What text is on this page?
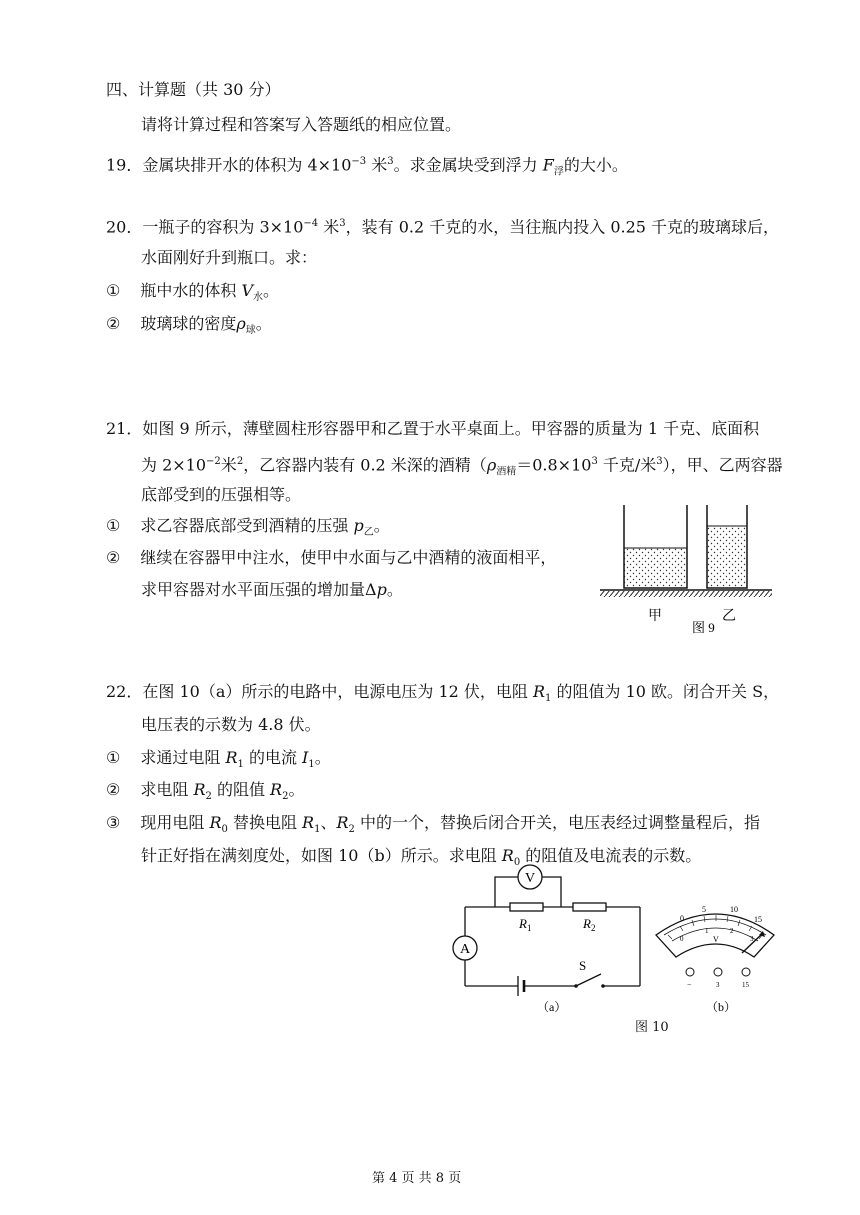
四、计算题（共 30 分）
请将计算过程和答案写入答题纸的相应位置。
19．金属块排开水的体积为 $4\times 10^{-3}$ 米$^3$。求金属块受到浮力 $F_浮$的大小。
20．一瓶子的容积为 $3\times 10^{-4}$ 米$^3$，装有 0.2 千克的水，当往瓶内投入 0.25 千克的玻璃球后，
水面刚好升到瓶口。求：
① 瓶中水的体积 $V_水$。
② 玻璃球的密度$\rho_球$。
21．如图 9 所示，薄壁圆柱形容器甲和乙置于水平桌面上。甲容器的质量为 1 千克、底面积
为 $2\times 10^{-2}$米$^2$，乙容器内装有 0.2 米深的酒精（$\rho_{酒精}=0.8\times 10^3$ 千克/米$^3$），甲、乙两容器
底部受到的压强相等。
① 求乙容器底部受到酒精的压强 $p_乙$。
② 继续在容器甲中注水，使甲中水面与乙中酒精的液面相平，
求甲容器对水平面压强的增加量Δp。
甲	乙
图 9
22．在图 10（a）所示的电路中，电源电压为 12 伏，电阻 $R_1$ 的阻值为 10 欧。闭合开关 S，
电压表的示数为 4.8 伏。
① 求通过电阻 $R_1$ 的电流 $I_1$。
② 求电阻 $R_2$ 的阻值 $R_2$。
③ 现用电阻 $R_0$ 替换电阻 $R_1$、$R_2$ 中的一个，替换后闭合开关，电压表经过调整量程后，指
针正好指在满刻度处，如图 10（b）所示。求电阻 $R_0$ 的阻值及电流表的示数。
V
$R_1$	$R_2$
A
S
（a）
0
5	10
15
0
1	2
3
V
−	3	15
（b）
图 10
第 4 页 共 8 页
